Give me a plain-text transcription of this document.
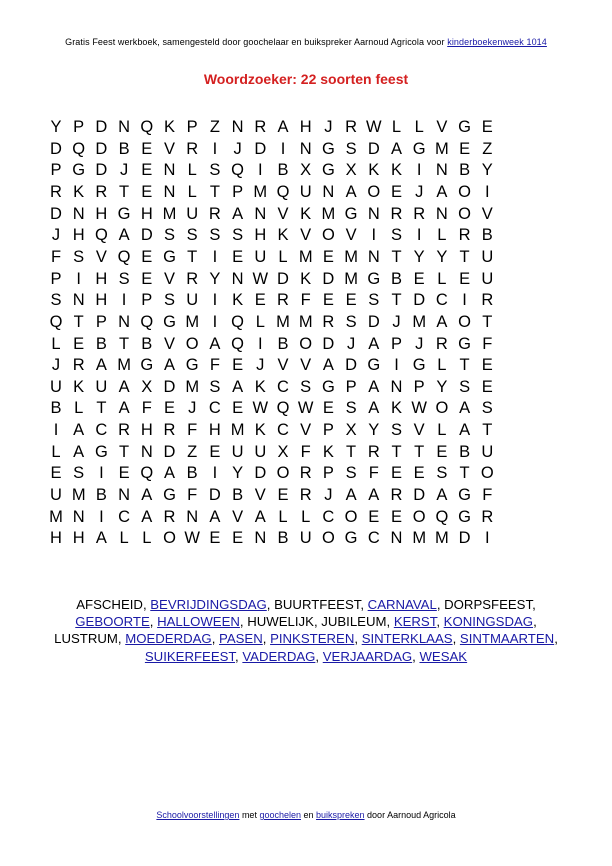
Gratis Feest werkboek, samengesteld door goochelaar en buikspreker Aarnoud Agricola voor kinderboekenweek 1014
Woordzoeker: 22 soorten feest
Y P D N Q K P Z N R A H J R W L L V G E
D Q D B E V R I J D I N G S D A G M E Z
P G D J E N L S Q I B X G X K K I N B Y
R K R T E N L T P M Q U N A O E J A O I
D N H G H M U R A N V K M G N R R N O V
J H Q A D S S S S H K V O V I S I L R B
F S V Q E G T I E U L M E M N T Y Y T U
P I H S E V R Y N W D K D M G B E L E U
S N H I P S U I K E R F E E S T D C I R
Q T P N Q G M I Q L M M R S D J M A O T
L E B T B V O A Q I B O D J A P J R G F
J R A M G A G F E J V V A D G I G L T E
U K U A X D M S A K C S G P A N P Y S E
B L T A F E J C E W Q W E S A K W O A S
I A C R H R F H M K C V P X Y S V L A T
L A G T N D Z E U U X F K T R T T E B U
E S I E Q A B I Y D O R P S F E E S T O
U M B N A G F D B V E R J A A R D A G F
M N I C A R N A V A L L C O E E O Q G R
H H A L L O W E E N B U O G C N M M D I
AFSCHEID, BEVRIJDINGSDAG, BUURTFEEST, CARNAVAL, DORPSFEEST, GEBOORTE, HALLOWEEN, HUWELIJK, JUBILEUM, KERST, KONINGSDAG, LUSTRUM, MOEDERDAG, PASEN, PINKSTEREN, SINTERKLAAS, SINTMAARTEN, SUIKERFEEST, VADERDAG, VERJAARDAG, WESAK
Schoolvoorstellingen met goochelen en buikspreken door Aarnoud Agricola
